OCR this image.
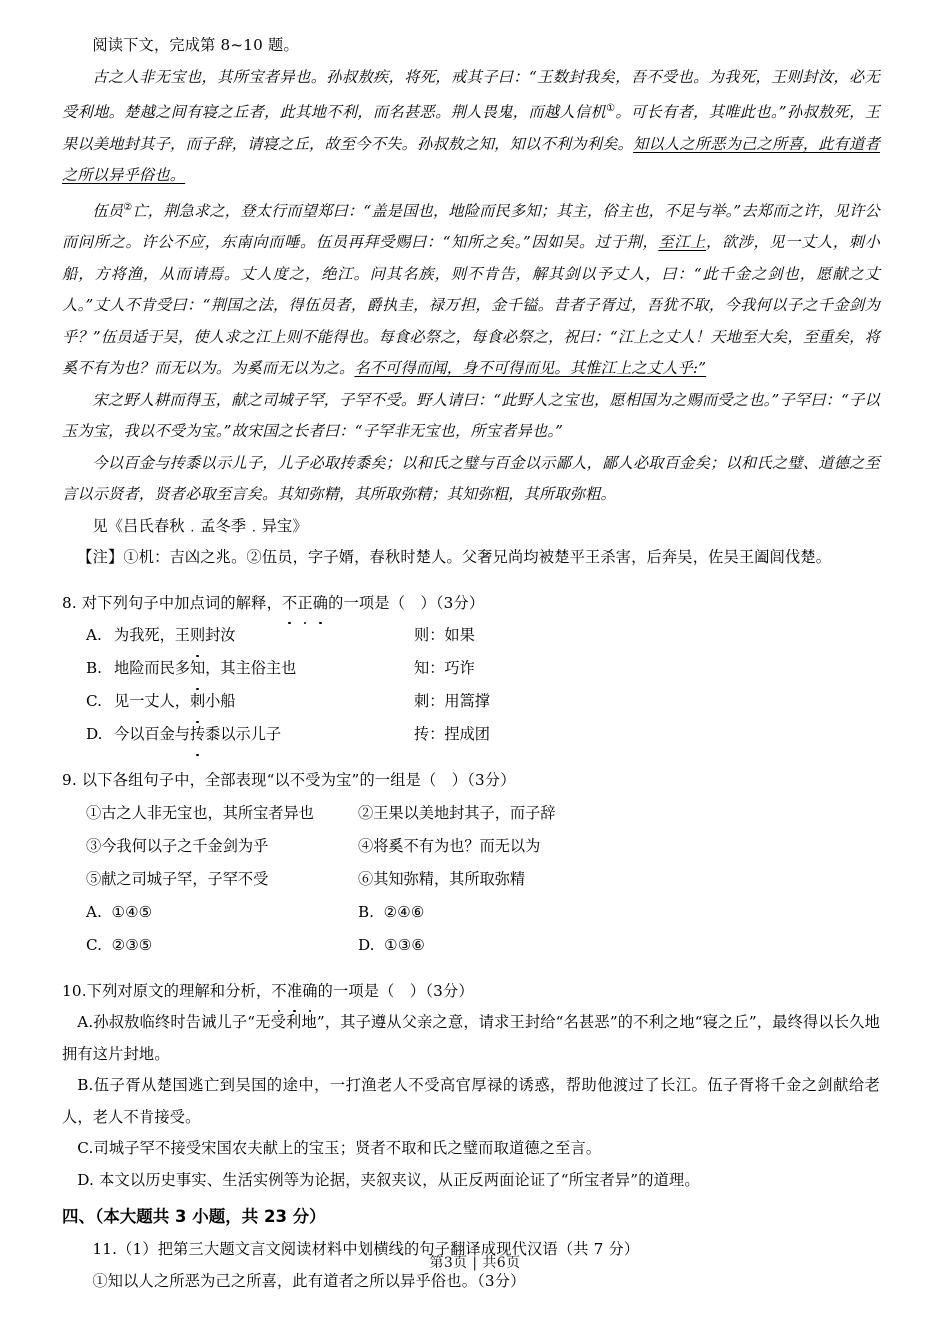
阅读下文，完成第 8~10 题。

古之人非无宝也，其所宝者异也。孙叔敖疾，将死，戒其子曰：“王数封我矣，吾不受也。为我死，王则封汝，必无受利地。楚越之间有寝之丘者，此其地不利，而名甚恶。荆人畏鬼，而越人信机①。可长有者，其唯此也。”孙叔敖死，王果以美地封其子，而子辞，请寝之丘，故至今不失。孙叔敖之知，知以不利为利矣。知以人之所恶为己之所喜，此有道者之所以异乎俗也。

伍员②亡，荆急求之，登太行而望郑曰：“盖是国也，地险而民多知；其主，俗主也，不足与举。”去郑而之许，见许公而问所之。许公不应，东南向而唾。伍员再拜受赐曰：“知所之矣。”因如吴。过于荆，至江上，欲涉，见一丈人，刺小船，方将渔，从而请焉。丈人度之，绝江。问其名族，则不肯告，解其剑以予丈人，曰：“此千金之剑也，愿献之丈人。”丈人不肯受曰：“荆国之法，得伍员者，爵执圭，禄万担，金千镒。昔者子胥过，吾犹不取，今我何以子之千金剑为乎？”伍员适于吴，使人求之江上则不能得也。每食必祭之，每食必祭之，祝曰：“江上之丈人！天地至大矣，至重矣，将奚不有为也？而无以为。为奚而无以为之。名不可得而闻，身不可得而见。其惟江上之丈人乎:”

宋之野人耕而得玉，献之司城子罕，子罕不受。野人请曰：“此野人之宝也，愿相国为之赐而受之也。”子罕曰：“子以玉为宝，我以不受为宝。”故宋国之长者曰：“子罕非无宝也，所宝者异也。”

今以百金与抟黍以示儿子，儿子必取抟黍矣；以和氏之璧与百金以示鄙人，鄙人必取百金矣；以和氏之璧、道德之至言以示贤者，贤者必取至言矣。其知弥精，其所取弥精；其知弥粗，其所取弥粗。

见《吕氏春秋﹒孟冬季﹒异宝》

【注】①机：吉凶之兆。②伍员，字子婿，春秋时楚人。父奢兄尚均被楚平王杀害，后奔吴，佐吴王阖闾伐楚。

8. 对下列句子中加点词的解释，不正确的一项是（　）（3分）

A. 为我死，王则封汝	则：如果
B. 地险而民多知，其主俗主也	知：巧诈
C. 见一丈人，刺小船	刺：用篙撑
D. 今以百金与抟黍以示儿子	抟：捏成团

9. 以下各组句子中，全部表现“以不受为宝”的一组是（　）（3分）

①古之人非无宝也，其所宝者异也	②王果以美地封其子，而子辞
③今我何以子之千金剑为乎	④将奚不有为也？而无以为
⑤献之司城子罕，子罕不受	⑥其知弥精，其所取弥精
A. ①④⑤	B. ②④⑥
C. ②③⑤	D. ①③⑥

10.下列对原文的理解和分析，不准确的一项是（　）（3分）

A.孙叔敖临终时告诫儿子“无受利地”，其子遵从父亲之意，请求王封给“名甚恶”的不利之地“寝之丘”，最终得以长久地拥有这片封地。

B.伍子胥从楚国逃亡到吴国的途中，一打渔老人不受高官厚禄的诱惑，帮助他渡过了长江。伍子胥将千金之剑献给老人，老人不肯接受。

C.司城子罕不接受宋国农夫献上的宝玉；贤者不取和氏之璧而取道德之至言。

D. 本文以历史事实、生活实例等为论据，夹叙夹议，从正反两面论证了“所宝者异”的道理。

四、（本大题共 3 小题，共 23 分）

11.（1）把第三大题文言文阅读材料中划横线的句子翻译成现代汉语（共 7 分）

①知以人之所恶为己之所喜，此有道者之所以异乎俗也。（3分）

第3页 | 共6页
